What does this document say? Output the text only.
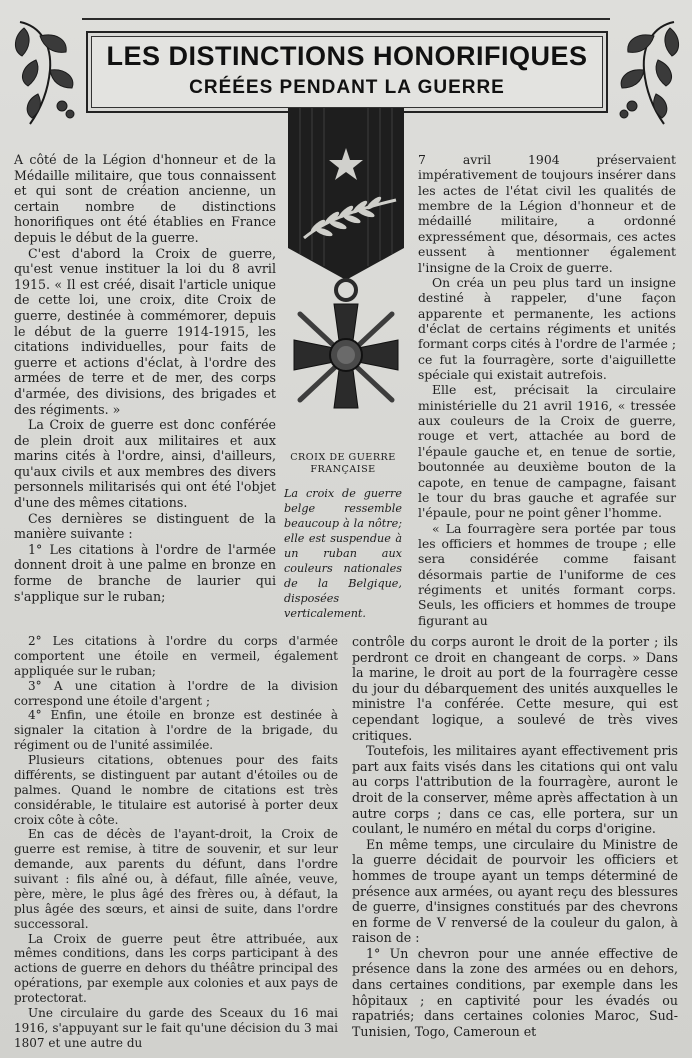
LES DISTINCTIONS HONORIFIQUES
CRÉÉES PENDANT LA GUERRE
CROIX DE GUERRE FRANÇAISE
La croix de guerre belge ressemble beaucoup à la nôtre; elle est suspendue à un ruban aux couleurs nationales de la Belgique, disposées verticalement.

A côté de la Légion d'honneur et de la Médaille militaire, que tous connaissent et qui sont de création ancienne, un certain nombre de distinctions honorifiques ont été établies en France depuis le début de la guerre.

C'est d'abord la Croix de guerre, qu'est venue instituer la loi du 8 avril 1915. « Il est créé, disait l'article unique de cette loi, une croix, dite Croix de guerre, destinée à commémorer, depuis le début de la guerre 1914-1915, les citations individuelles, pour faits de guerre et actions d'éclat, à l'ordre des armées de terre et de mer, des corps d'armée, des divisions, des brigades et des régiments. »

La Croix de guerre est donc conférée de plein droit aux militaires et aux marins cités à l'ordre, ainsi, d'ailleurs, qu'aux civils et aux membres des divers personnels militarisés qui ont été l'objet d'une des mêmes citations.

Ces dernières se distinguent de la manière suivante :

1° Les citations à l'ordre de l'armée donnent droit à une palme en bronze en forme de branche de laurier qui s'applique sur le ruban;

2° Les citations à l'ordre du corps d'armée comportent une étoile en vermeil, également appliquée sur le ruban;

3° A une citation à l'ordre de la division correspond une étoile d'argent ;

4° Enfin, une étoile en bronze est destinée à signaler la citation à l'ordre de la brigade, du régiment ou de l'unité assimilée.

Plusieurs citations, obtenues pour des faits différents, se distinguent par autant d'étoiles ou de palmes. Quand le nombre de citations est très considérable, le titulaire est autorisé à porter deux croix côte à côte.

En cas de décès de l'ayant-droit, la Croix de guerre est remise, à titre de souvenir, et sur leur demande, aux parents du défunt, dans l'ordre suivant : fils aîné ou, à défaut, fille aînée, veuve, père, mère, le plus âgé des frères ou, à défaut, la plus âgée des sœurs, et ainsi de suite, dans l'ordre successoral.

La Croix de guerre peut être attribuée, aux mêmes conditions, dans les corps participant à des actions de guerre en dehors du théâtre principal des opérations, par exemple aux colonies et aux pays de protectorat.

Une circulaire du garde des Sceaux du 16 mai 1916, s'appuyant sur le fait qu'une décision du 3 mai 1807 et une autre du

7 avril 1904 préservaient impérativement de toujours insérer dans les actes de l'état civil les qualités de membre de la Légion d'honneur et de médaillé militaire, a ordonné expressément que, désormais, ces actes eussent à mentionner également l'insigne de la Croix de guerre.

On créa un peu plus tard un insigne destiné à rappeler, d'une façon apparente et permanente, les actions d'éclat de certains régiments et unités formant corps cités à l'ordre de l'armée ; ce fut la fourragère, sorte d'aiguillette spéciale qui existait autrefois.

Elle est, précisait la circulaire ministérielle du 21 avril 1916, « tressée aux couleurs de la Croix de guerre, rouge et vert, attachée au bord de l'épaule gauche et, en tenue de sortie, boutonnée au deuxième bouton de la capote, en tenue de campagne, faisant le tour du bras gauche et agrafée sur l'épaule, pour ne point gêner l'homme.

« La fourragère sera portée par tous les officiers et hommes de troupe ; elle sera considérée comme faisant désormais partie de l'uniforme de ces régiments et unités formant corps. Seuls, les officiers et hommes de troupe figurant au

contrôle du corps auront le droit de la porter ; ils perdront ce droit en changeant de corps. » Dans la marine, le droit au port de la fourragère cesse du jour du débarquement des unités auxquelles le ministre l'a conférée. Cette mesure, qui est cependant logique, a soulevé de très vives critiques.

Toutefois, les militaires ayant effectivement pris part aux faits visés dans les citations qui ont valu au corps l'attribution de la fourragère, auront le droit de la conserver, même après affectation à un autre corps ; dans ce cas, elle portera, sur un coulant, le numéro en métal du corps d'origine.

En même temps, une circulaire du Ministre de la guerre décidait de pourvoir les officiers et hommes de troupe ayant un temps déterminé de présence aux armées, ou ayant reçu des blessures de guerre, d'insignes constitués par des chevrons en forme de V renversé de la couleur du galon, à raison de :

1° Un chevron pour une année effective de présence dans la zone des armées ou en dehors, dans certaines conditions, par exemple dans les hôpitaux ; en captivité pour les évadés ou rapatriés; dans certaines colonies Maroc, Sud-Tunisien, Togo, Cameroun et
